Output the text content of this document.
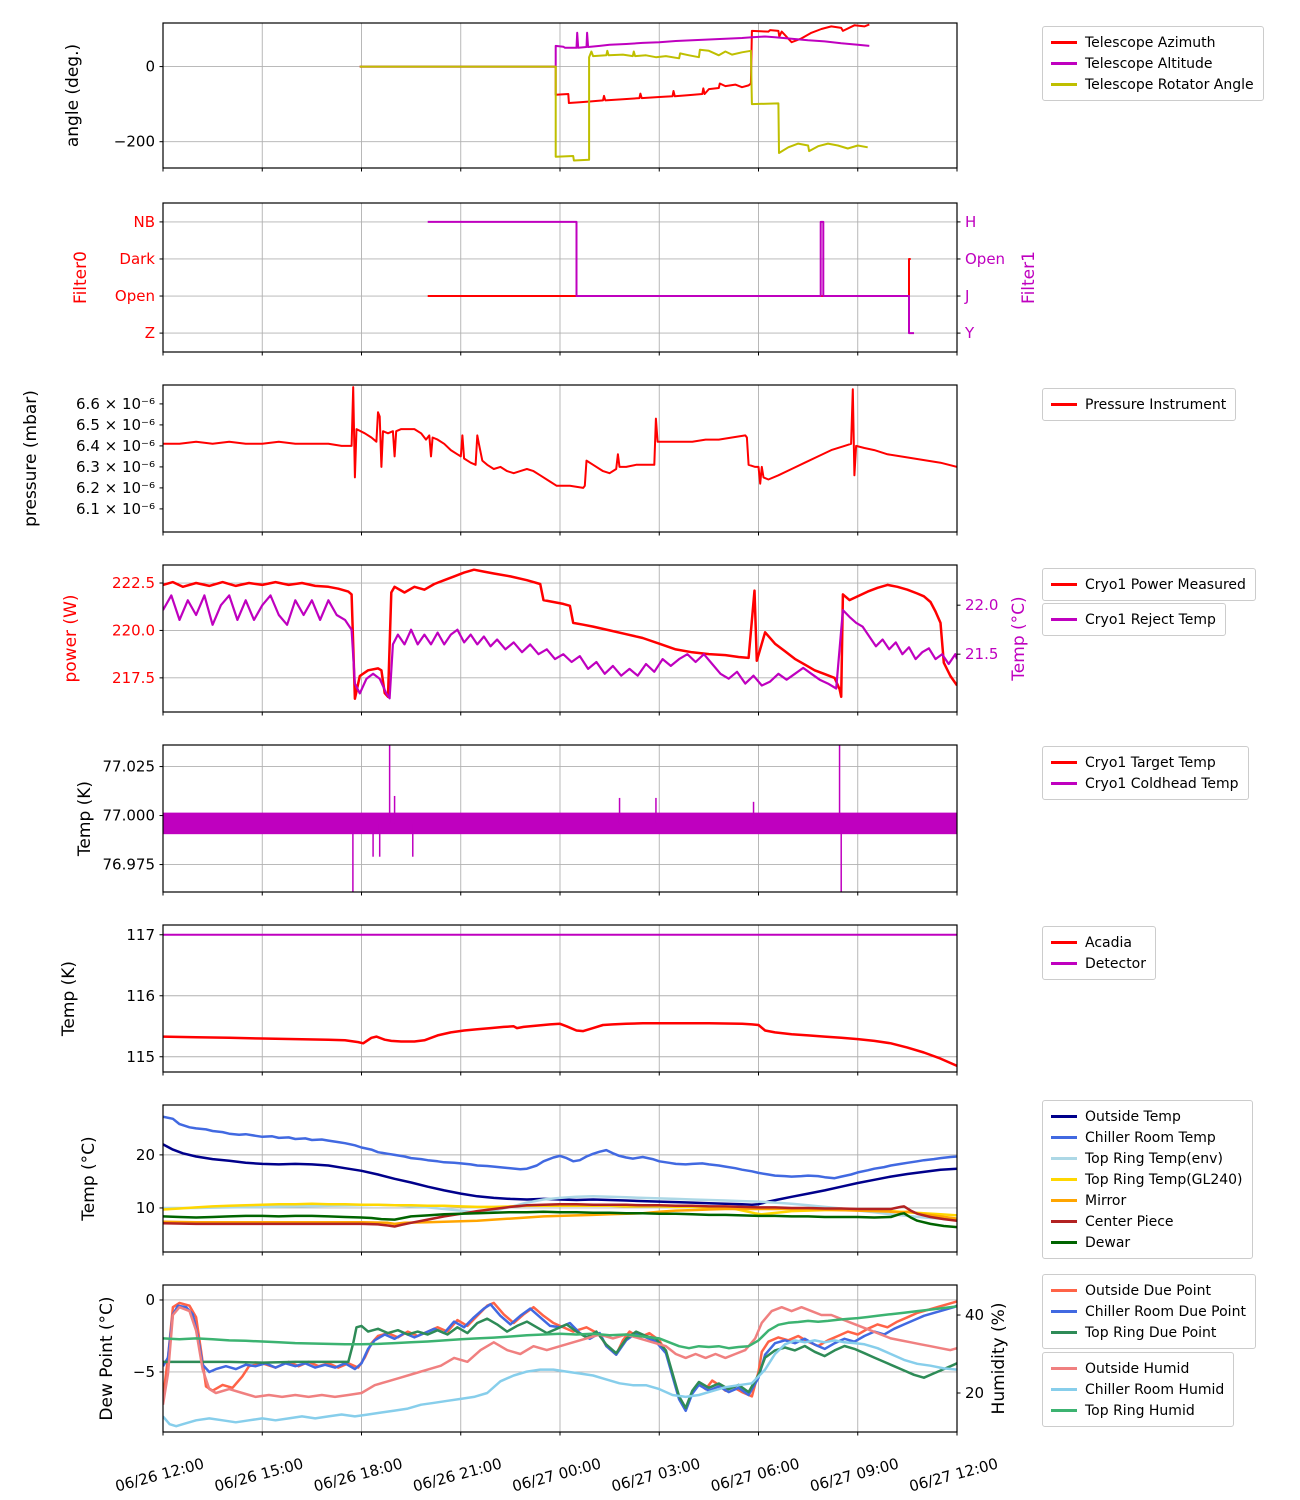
0
−200
angle (deg.)
NB
Dark
Open
Z
H
Open
J
Y
Filter0	Filter1
6.6 × 10⁻⁶
6.5 × 10⁻⁶
6.4 × 10⁻⁶
6.3 × 10⁻⁶
6.2 × 10⁻⁶
6.1 × 10⁻⁶
pressure (mbar)
222.5
220.0
217.5
22.0
21.5
power (W)	Temp (°C)
77.025
77.000
76.975
Temp (K)
117
116
115
Temp (K)
20
10
Temp (°C)
0
−5
40
20
Dew Point (°C)	Humidity (%)
06/26 12:00 06/26 15:00 06/26 18:00 06/26 21:00 06/27 00:00 06/27 03:00 06/27 06:00 06/27 09:00 06/27 12:00
Telescope Azimuth
Telescope Altitude
Telescope Rotator Angle
Pressure Instrument
Cryo1 Power Measured
Cryo1 Reject Temp
Cryo1 Target Temp
Cryo1 Coldhead Temp
Acadia
Detector
Outside Temp
Chiller Room Temp
Top Ring Temp(env)
Top Ring Temp(GL240)
Mirror
Center Piece
Dewar
Outside Due Point
Chiller Room Due Point
Top Ring Due Point
Outside Humid
Chiller Room Humid
Top Ring Humid
